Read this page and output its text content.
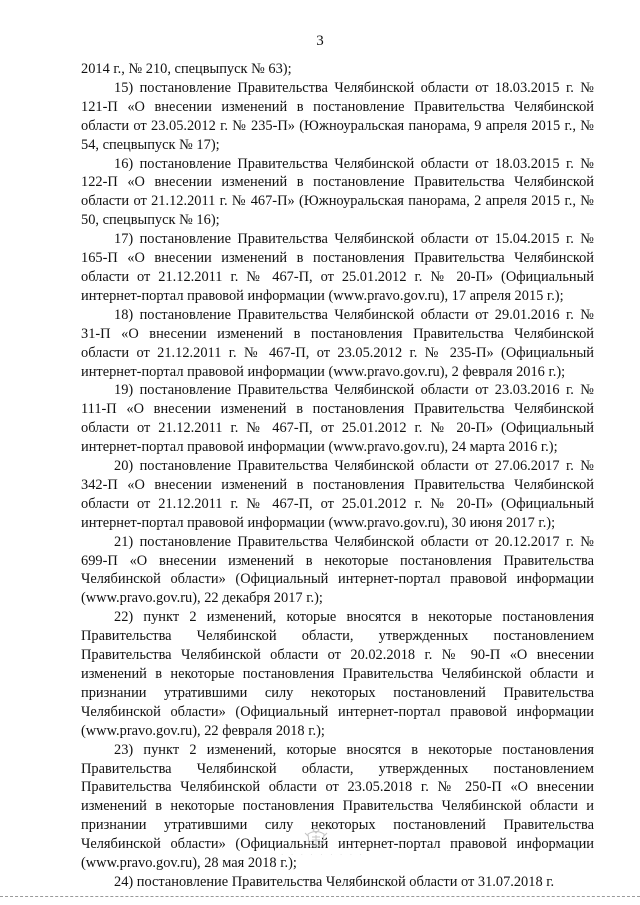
3

2014 г., № 210, спецвыпуск № 63);

15) постановление Правительства Челябинской области от 18.03.2015 г. № 121-П «О внесении изменений в постановление Правительства Челябинской области от 23.05.2012 г. № 235-П» (Южноуральская панорама, 9 апреля 2015 г., № 54, спецвыпуск № 17);

16) постановление Правительства Челябинской области от 18.03.2015 г. № 122-П «О внесении изменений в постановление Правительства Челябинской области от 21.12.2011 г. № 467-П» (Южноуральская панорама, 2 апреля 2015 г., № 50, спецвыпуск № 16);

17) постановление Правительства Челябинской области от 15.04.2015 г. № 165-П «О внесении изменений в постановления Правительства Челябинской области от 21.12.2011 г. № 467-П, от 25.01.2012 г. № 20-П» (Официальный интернет-портал правовой информации (www.pravo.gov.ru), 17 апреля 2015 г.);

18) постановление Правительства Челябинской области от 29.01.2016 г. № 31-П «О внесении изменений в постановления Правительства Челябинской области от 21.12.2011 г. № 467-П, от 23.05.2012 г. № 235-П» (Официальный интернет-портал правовой информации (www.pravo.gov.ru), 2 февраля 2016 г.);

19) постановление Правительства Челябинской области от 23.03.2016 г. № 111-П «О внесении изменений в постановления Правительства Челябинской области от 21.12.2011 г. № 467-П, от 25.01.2012 г. № 20-П» (Официальный интернет-портал правовой информации (www.pravo.gov.ru), 24 марта 2016 г.);

20) постановление Правительства Челябинской области от 27.06.2017 г. № 342-П «О внесении изменений в постановления Правительства Челябинской области от 21.12.2011 г. № 467-П, от 25.01.2012 г. № 20-П» (Официальный интернет-портал правовой информации (www.pravo.gov.ru), 30 июня 2017 г.);

21) постановление Правительства Челябинской области от 20.12.2017 г. № 699-П «О внесении изменений в некоторые постановления Правительства Челябинской области» (Официальный интернет-портал правовой информации (www.pravo.gov.ru), 22 декабря 2017 г.);

22) пункт 2 изменений, которые вносятся в некоторые постановления Правительства Челябинской области, утвержденных постановлением Правительства Челябинской области от 20.02.2018 г. № 90-П «О внесении изменений в некоторые постановления Правительства Челябинской области и признании утратившими силу некоторых постановлений Правительства Челябинской области» (Официальный интернет-портал правовой информации (www.pravo.gov.ru), 22 февраля 2018 г.);

23) пункт 2 изменений, которые вносятся в некоторые постановления Правительства Челябинской области, утвержденных постановлением Правительства Челябинской области от 23.05.2018 г. № 250-П «О внесении изменений в некоторые постановления Правительства Челябинской области и признании утратившими силу некоторых постановлений Правительства Челябинской области» (Официальный интернет-портал правовой информации (www.pravo.gov.ru), 28 мая 2018 г.);

24) постановление Правительства Челябинской области от 31.07.2018 г.

· · · · · · · · ·
